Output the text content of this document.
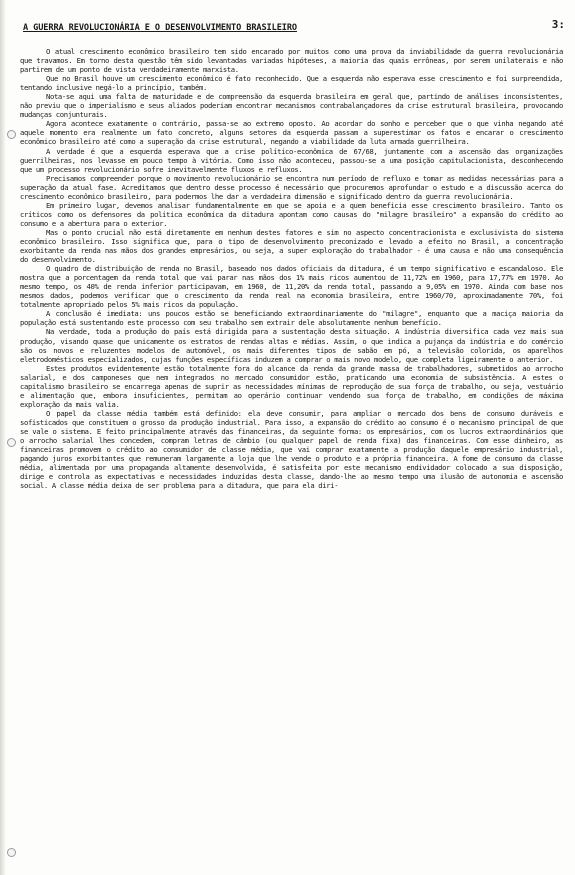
3:
A GUERRA REVOLUCIONÁRIA E O DESENVOLVIMENTO BRASILEIRO

O atual crescimento econômico brasileiro tem sido encarado por muitos como uma prova da inviabilidade da guerra revolucionária que travamos. Em torno desta questão têm sido levantadas variadas hipóteses, a maioria das quais errôneas, por serem unilaterais e não partirem de um ponto de vista verdadeiramente marxista.

Que no Brasil houve um crescimento econômico é fato reconhecido. Que a esquerda não esperava esse crescimento e foi surpreendida, tentando inclusive negá-lo a princípio, também.

Nota-se aqui uma falta de maturidade e de compreensão da esquerda brasileira em geral que, partindo de análises inconsistentes, não previu que o imperialismo e seus aliados poderiam encontrar mecanismos contrabalançadores da crise estrutural brasileira, provocando mudanças conjunturais.

Agora acontece exatamente o contrário, passa-se ao extremo oposto. Ao acordar do sonho e perceber que o que vinha negando até aquele momento era realmente um fato concreto, alguns setores da esquerda passam a superestimar os fatos e encarar o crescimento econômico brasileiro até como a superação da crise estrutural, negando a viabilidade da luta armada guerrilheira.

A verdade é que a esquerda esperava que a crise político-econômica de 67/68, juntamente com a ascensão das organizações guerrilheiras, nos levasse em pouco tempo à vitória. Como isso não aconteceu, passou-se a uma posição capitulacionista, desconhecendo que um processo revolucionário sofre inevitavelmente fluxos e refluxos.

Precisamos compreender porque o movimento revolucionário se encontra num período de refluxo e tomar as medidas necessárias para a superação da atual fase. Acreditamos que dentro desse processo é necessário que procuremos aprofundar o estudo e a discussão acerca do crescimento econômico brasileiro, para podermos lhe dar a verdadeira dimensão e significado dentro da guerra revolucionária.

Em primeiro lugar, devemos analisar fundamentalmente em que se apoia e a quem beneficia esse crescimento brasileiro. Tanto os críticos como os defensores da política econômica da ditadura apontam como causas do "milagre brasileiro" a expansão do crédito ao consumo e a abertura para o exterior.

Mas o ponto crucial não está diretamente em nenhum destes fatores e sim no aspecto concentracionista e exclusivista do sistema econômico brasileiro. Isso significa que, para o tipo de desenvolvimento preconizado e levado a efeito no Brasil, a concentração exorbitante da renda nas mãos dos grandes empresários, ou seja, a super exploração do trabalhador - é uma causa e não uma consequência do desenvolvimento.

O quadro de distribuição de renda no Brasil, baseado nos dados oficiais da ditadura, é um tempo significativo e escandaloso. Ele mostra que a porcentagem da renda total que vai parar nas mãos dos 1% mais ricos aumentou de 11,72% em 1960, para 17,77% em 1970. Ao mesmo tempo, os 40% de renda inferior participavam, em 1960, de 11,20% da renda total, passando a 9,05% em 1970. Ainda com base nos mesmos dados, podemos verificar que o crescimento da renda real na economia brasileira, entre 1960/70, aproximadamente 70%, foi totalmente apropriado pelos 5% mais ricos da população.

A conclusão é imediata: uns poucos estão se beneficiando extraordinariamente do "milagre", enquanto que a maciça maioria da população está sustentando este processo com seu trabalho sem extrair dele absolutamente nenhum benefício.

Na verdade, toda a produção do país está dirigida para a sustentação desta situação. A indústria diversifica cada vez mais sua produção, visando quase que unicamente os estratos de rendas altas e médias. Assim, o que indica a pujança da indústria e do comércio são os novos e reluzentes modelos de automóvel, os mais diferentes tipos de sabão em pó, a televisão colorida, os aparelhos eletrodomésticos especializados, cujas funções específicas induzem a comprar o mais novo modelo, que completa ligeiramente o anterior.

Estes produtos evidentemente estão totalmente fora do alcance da renda da grande massa de trabalhadores, submetidos ao arrocho salarial, e dos camponeses que nem integrados no mercado consumidor estão, praticando uma economia de subsistência. A estes o capitalismo brasileiro se encarrega apenas de suprir as necessidades mínimas de reprodução de sua força de trabalho, ou seja, vestuário e alimentação que, embora insuficientes, permitam ao operário continuar vendendo sua força de trabalho, em condições de máxima exploração da mais valia.

O papel da classe média também está definido: ela deve consumir, para ampliar o mercado dos bens de consumo duráveis e sofisticados que constituem o grosso da produção industrial. Para isso, a expansão do crédito ao consumo é o mecanismo principal de que se vale o sistema. E feito principalmente através das financeiras, da seguinte forma: os empresários, com os lucros extraordinários que o arrocho salarial lhes concedem, compram letras de câmbio (ou qualquer papel de renda fixa) das financeiras. Com esse dinheiro, as financeiras promovem o crédito ao consumidor de classe média, que vai comprar exatamente a produção daquele empresário industrial, pagando juros exorbitantes que remuneram largamente a loja que lhe vende o produto e a própria financeira. A fome de consumo da classe média, alimentada por uma propaganda altamente desenvolvida, é satisfeita por este mecanismo endividador colocado a sua disposição, dirige e controla as expectativas e necessidades induzidas desta classe, dando-lhe ao mesmo tempo uma ilusão de autonomia e ascensão social. A classe média deixa de ser problema para a ditadura, que para ela diri-
